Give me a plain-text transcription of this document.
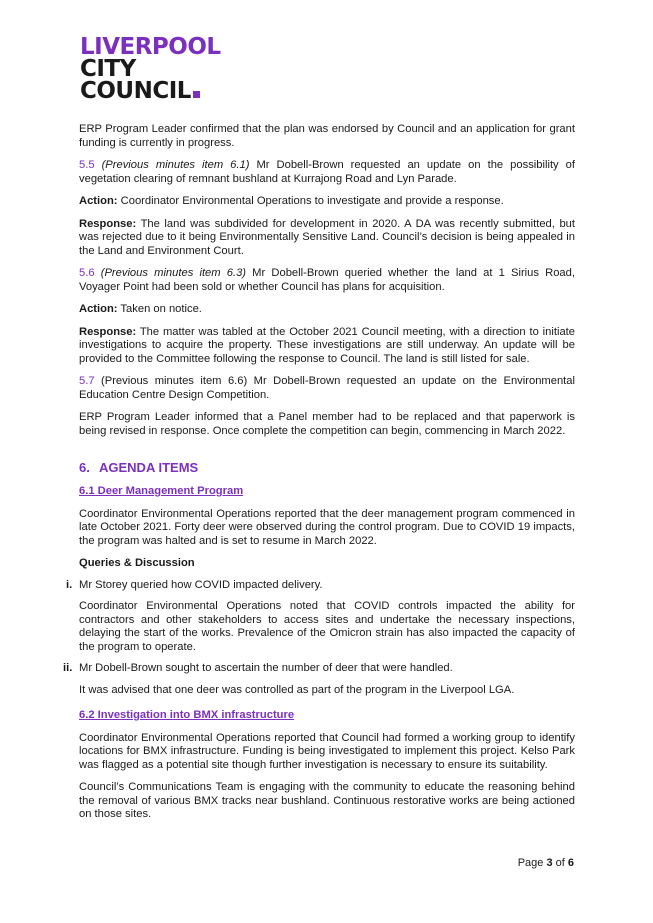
LIVERPOOL
CITY
COUNCIL

ERP Program Leader confirmed that the plan was endorsed by Council and an application for grant funding is currently in progress.

5.5 (Previous minutes item 6.1) Mr Dobell-Brown requested an update on the possibility of vegetation clearing of remnant bushland at Kurrajong Road and Lyn Parade.

Action: Coordinator Environmental Operations to investigate and provide a response.

Response: The land was subdivided for development in 2020. A DA was recently submitted, but was rejected due to it being Environmentally Sensitive Land. Council’s decision is being appealed in the Land and Environment Court.

5.6 (Previous minutes item 6.3) Mr Dobell-Brown queried whether the land at 1 Sirius Road, Voyager Point had been sold or whether Council has plans for acquisition.

Action: Taken on notice.

Response: The matter was tabled at the October 2021 Council meeting, with a direction to initiate investigations to acquire the property. These investigations are still underway. An update will be provided to the Committee following the response to Council. The land is still listed for sale.

5.7 (Previous minutes item 6.6) Mr Dobell-Brown requested an update on the Environmental Education Centre Design Competition.

ERP Program Leader informed that a Panel member had to be replaced and that paperwork is being revised in response. Once complete the competition can begin, commencing in March 2022.

6. AGENDA ITEMS
6.1 Deer Management Program

Coordinator Environmental Operations reported that the deer management program commenced in late October 2021. Forty deer were observed during the control program. Due to COVID 19 impacts, the program was halted and is set to resume in March 2022.

Queries & Discussion

i. Mr Storey queried how COVID impacted delivery.

Coordinator Environmental Operations noted that COVID controls impacted the ability for contractors and other stakeholders to access sites and undertake the necessary inspections, delaying the start of the works. Prevalence of the Omicron strain has also impacted the capacity of the program to operate.

ii. Mr Dobell-Brown sought to ascertain the number of deer that were handled.

It was advised that one deer was controlled as part of the program in the Liverpool LGA.

6.2 Investigation into BMX infrastructure

Coordinator Environmental Operations reported that Council had formed a working group to identify locations for BMX infrastructure. Funding is being investigated to implement this project. Kelso Park was flagged as a potential site though further investigation is necessary to ensure its suitability.

Council’s Communications Team is engaging with the community to educate the reasoning behind the removal of various BMX tracks near bushland. Continuous restorative works are being actioned on those sites.

Page 3 of 6
